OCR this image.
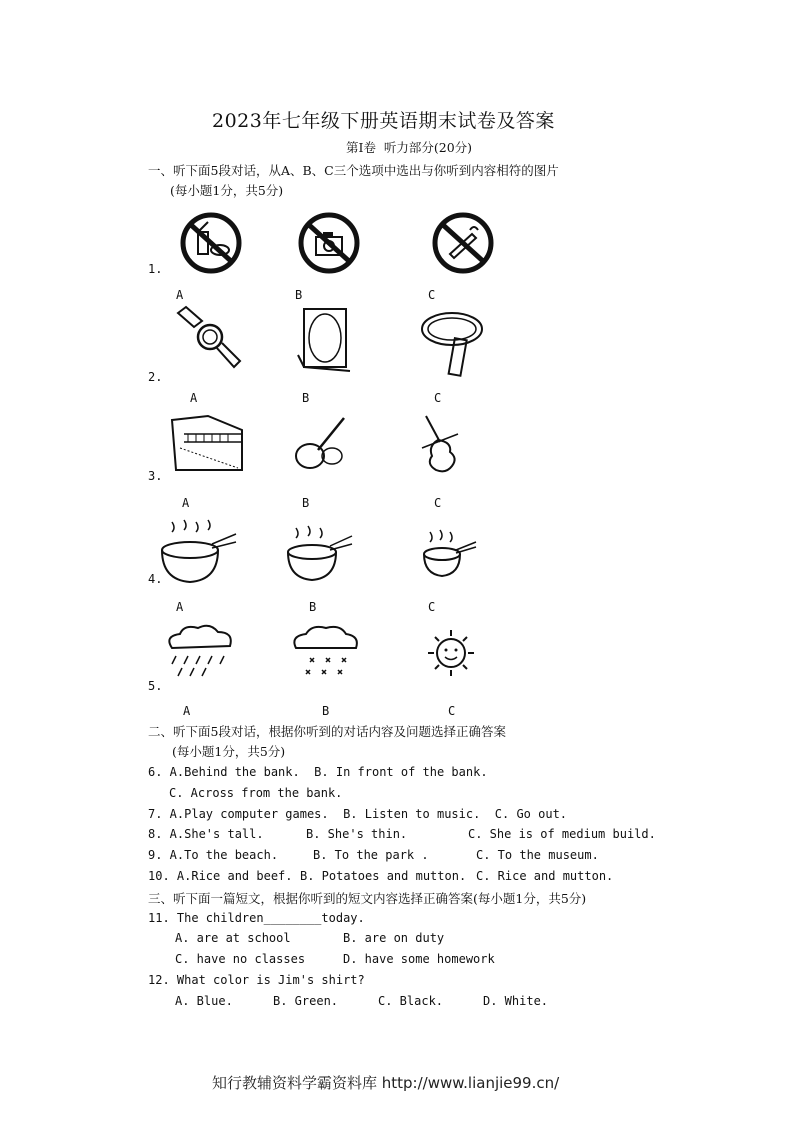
2023年七年级下册英语期末试卷及答案
第Ⅰ卷  听力部分(20分)
一、听下面5段对话，从A、B、C三个选项中选出与你听到内容相符的图片
(每小题1分，共5分)
1.
A	B	C
2.
A	B	C
3.
A	B	C
4.
A	B	C
5.
A	B	C
二、听下面5段对话，根据你听到的对话内容及问题选择正确答案
(每小题1分，共5分)
6. A.Behind the bank.  B. In front of the bank.
C. Across from the bank.
7. A.Play computer games.  B. Listen to music.  C. Go out.
8. A.She's tall.	B. She's thin.	C. She is of medium build.
9. A.To the beach.	B. To the park .	C. To the museum.
10. A.Rice and beef. B. Potatoes and mutton. C. Rice and mutton.
三、听下面一篇短文，根据你听到的短文内容选择正确答案(每小题1分，共5分)
11. The children________today.
A. are at school	B. are on duty
C. have no classes	D. have some homework
12. What color is Jim's shirt?
A. Blue.	B. Green.	C. Black.	D. White.
知行教辅资料学霸资料库 http://www.lianjie99.cn/
